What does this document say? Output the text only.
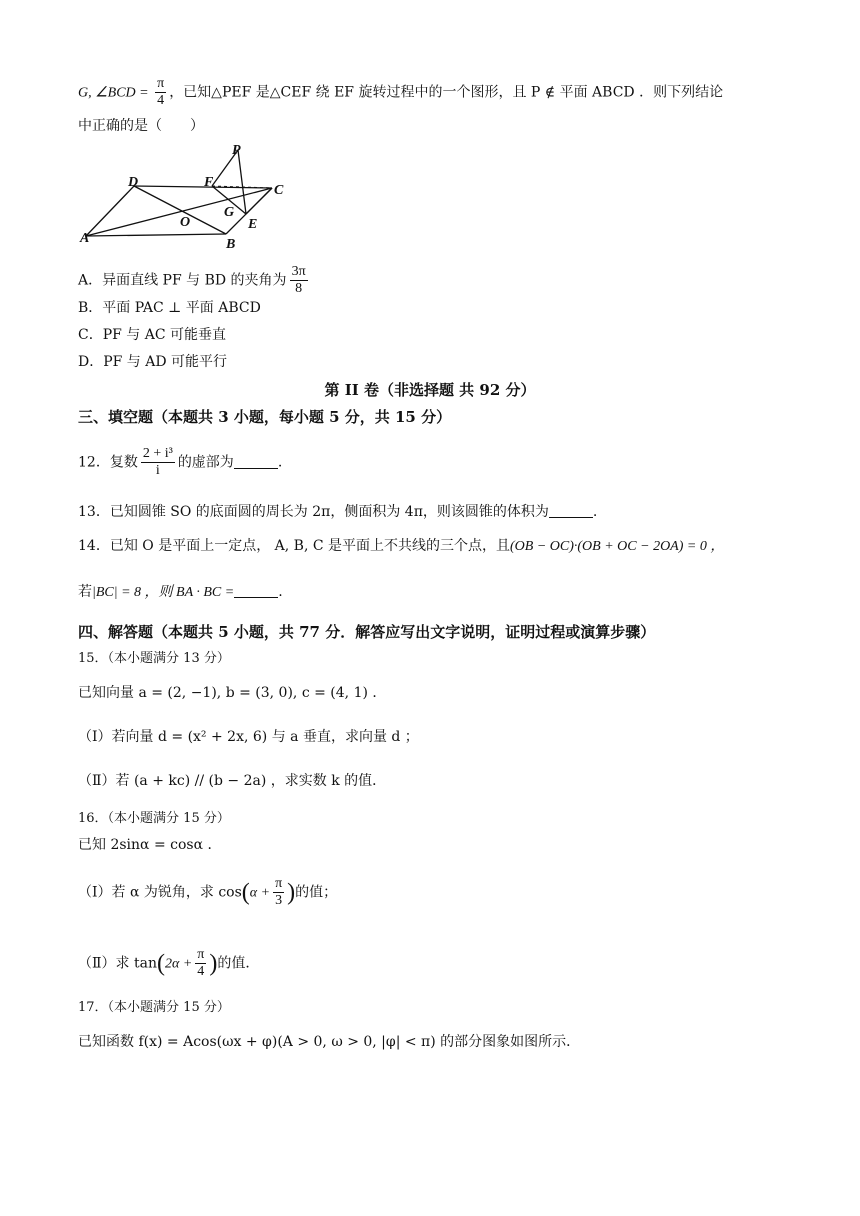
G, ∠BCD = $\frac{\pi}{4}$ ，已知△PEF 是△CEF 绕 EF 旋转过程中的一个图形，且 P ∉ 平面 ABCD ．则下列结论
中正确的是（　　）
P
D	F
C
G
O	E
A	B
A．异面直线 PF 与 BD 的夹角为 $\frac{3\pi}{8}$
B．平面 PAC ⊥ 平面 ABCD
C．PF 与 AC 可能垂直
D．PF 与 AD 可能平行
第 II 卷（非选择题 共 92 分）
三、填空题（本题共 3 小题，每小题 5 分，共 15 分）
12．复数 $\frac{\text{2 + i³}}{i}$ 的虚部为	.
13．已知圆锥 SO 的底面圆的周长为 2π，侧面积为 4π，则该圆锥的体积为	.
14．已知 O 是平面上一定点， A, B, C 是平面上不共线的三个点，且(OB − OC)·(OB + OC − 2OA) = 0 ，
若|BC| = 8 ，则 BA · BC =	.
四、解答题（本题共 5 小题，共 77 分．解答应写出文字说明，证明过程或演算步骤）
15．（本小题满分 13 分）
已知向量 a = (2, −1), b = (3, 0), c = (4, 1) ．
（Ⅰ）若向量 d = (x² + 2x, 6) 与 a 垂直，求向量 d ；
（Ⅱ）若 (a + kc) // (b − 2a) ，求实数 k 的值．
16．（本小题满分 15 分）
已知 2sinα = cosα ．
（Ⅰ）若 α 为锐角，求 $\cos(\alpha + \frac{\pi}{3}$ )的值；
（Ⅱ）求 $\tan(2\alpha + \frac{\pi}{4}$ )的值．
17．（本小题满分 15 分）
已知函数 f(x) = Acos(ωx + φ)(A > 0, ω > 0, |φ| < π) 的部分图象如图所示．
